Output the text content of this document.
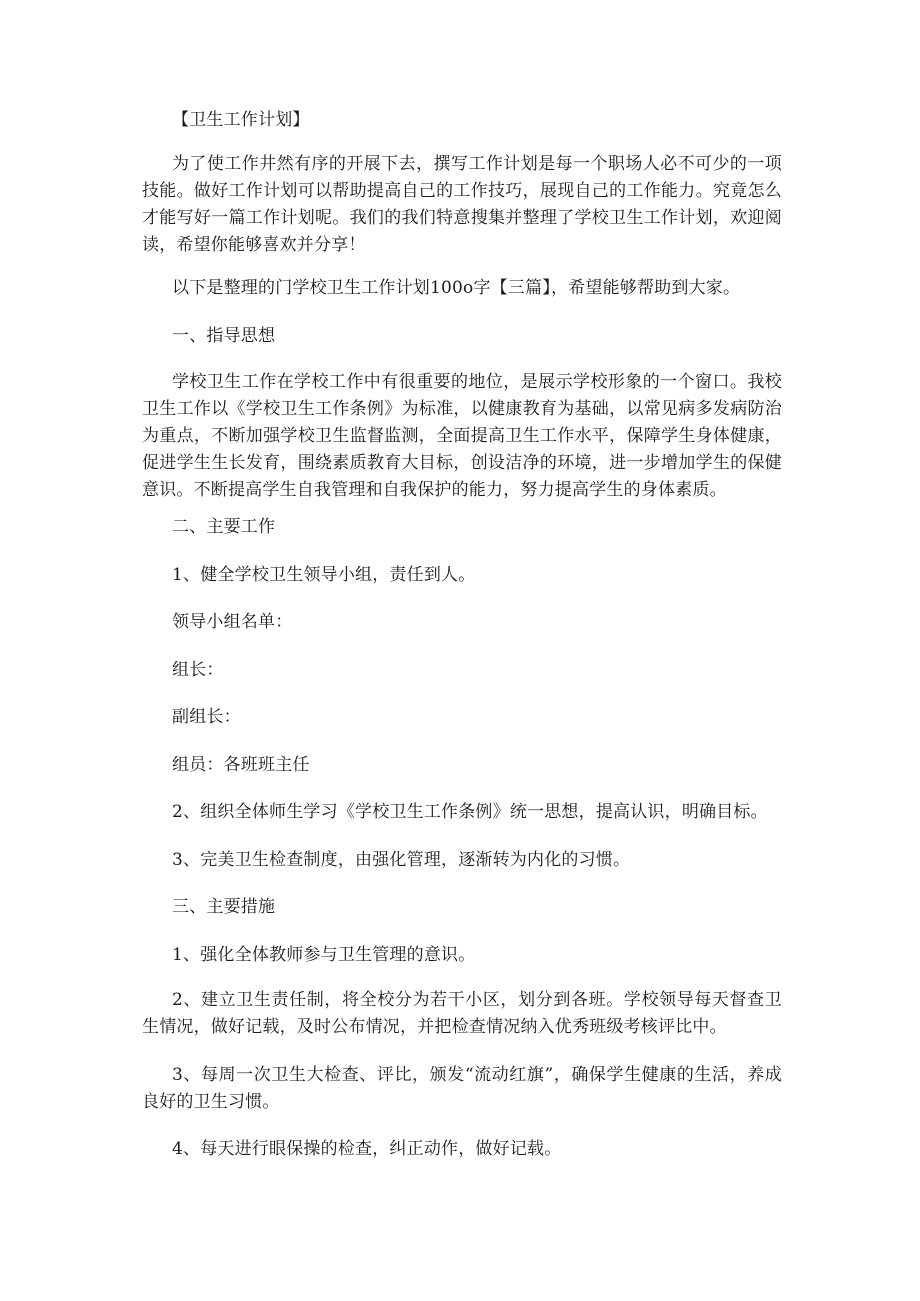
【卫生工作计划】
为了使工作井然有序的开展下去，撰写工作计划是每一个职场人必不可少的一项技能。做好工作计划可以帮助提高自己的工作技巧，展现自己的工作能力。究竟怎么才能写好一篇工作计划呢。我们的我们特意搜集并整理了学校卫生工作计划，欢迎阅读，希望你能够喜欢并分享！
以下是整理的门学校卫生工作计划100o字【三篇】，希望能够帮助到大家。
一、指导思想
学校卫生工作在学校工作中有很重要的地位，是展示学校形象的一个窗口。我校卫生工作以《学校卫生工作条例》为标准，以健康教育为基础，以常见病多发病防治为重点，不断加强学校卫生监督监测，全面提高卫生工作水平，保障学生身体健康，促进学生生长发育，围绕素质教育大目标，创设洁净的环境，进一步增加学生的保健意识。不断提高学生自我管理和自我保护的能力，努力提高学生的身体素质。
二、主要工作
1、健全学校卫生领导小组，责任到人。
领导小组名单：
组长：
副组长：
组员：各班班主任
2、组织全体师生学习《学校卫生工作条例》统一思想，提高认识，明确目标。
3、完美卫生检查制度，由强化管理，逐渐转为内化的习惯。
三、主要措施
1、强化全体教师参与卫生管理的意识。
2、建立卫生责任制，将全校分为若干小区，划分到各班。学校领导每天督查卫生情况，做好记载，及时公布情况，并把检查情况纳入优秀班级考核评比中。
3、每周一次卫生大检查、评比，颁发“流动红旗”，确保学生健康的生活，养成良好的卫生习惯。
4、每天进行眼保操的检查，纠正动作，做好记载。
